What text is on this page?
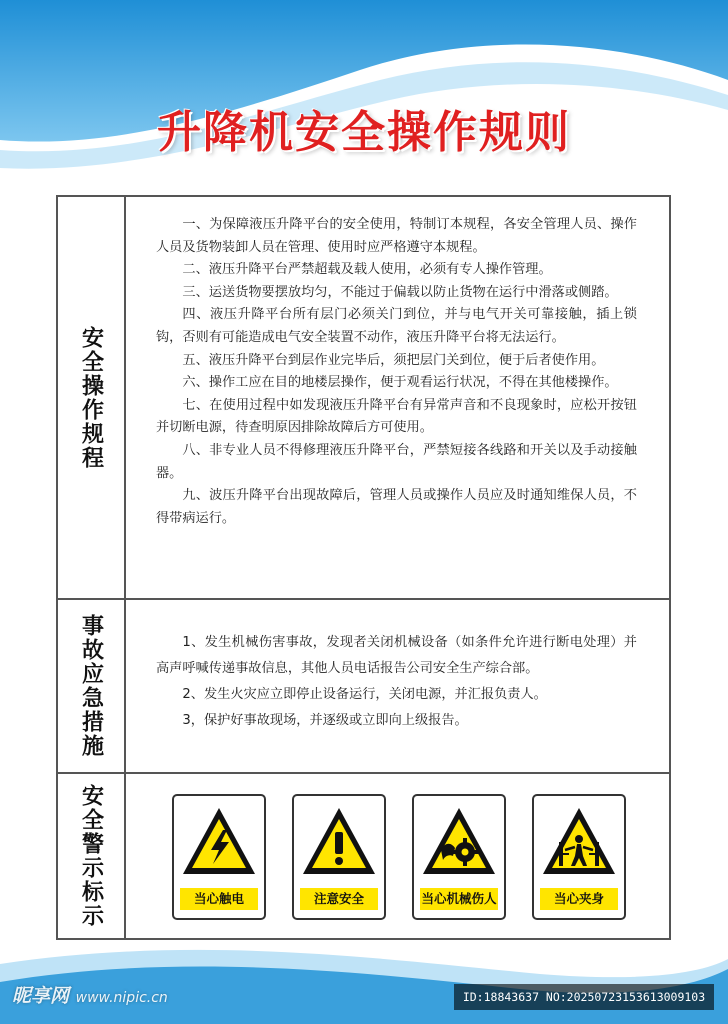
升降机安全操作规则
安全操作规程

一、为保障液压升降平台的安全使用，特制订本规程，各安全管理人员、操作人员及货物装卸人员在管理、使用时应严格遵守本规程。

二、液压升降平台严禁超载及载人使用，必须有专人操作管理。

三、运送货物要摆放均匀，不能过于偏载以防止货物在运行中滑落或侧踏。

四、液压升降平台所有层门必须关门到位，并与电气开关可靠接触，插上锁钩，否则有可能造成电气安全装置不动作，液压升降平台将无法运行。

五、液压升降平台到层作业完毕后，须把层门关到位，便于后者使作用。

六、操作工应在目的地楼层操作，便于观看运行状况，不得在其他楼操作。

七、在使用过程中如发现液压升降平台有异常声音和不良现象时，应松开按钮并切断电源，待查明原因排除故障后方可使用。

八、非专业人员不得修理液压升降平台，严禁短接各线路和开关以及手动接触器。

九、波压升降平台出现故障后，管理人员或操作人员应及时通知维保人员，不得带病运行。

事故应急措施	1、发生机械伤害事故，发现者关闭机械设备（如条件允许进行断电处理）并高声呼喊传递事故信息，其他人员电话报告公司安全生产综合部。

2、发生火灾应立即停止设备运行，关闭电源，并汇报负责人。

3，保护好事故现场，并逐级或立即向上级报告。

安全警示标示	当心触电	注意安全	当心机械伤人	当心夹身
昵享网 www.nipic.cn	ID:18843637 NO:20250723153613009103
